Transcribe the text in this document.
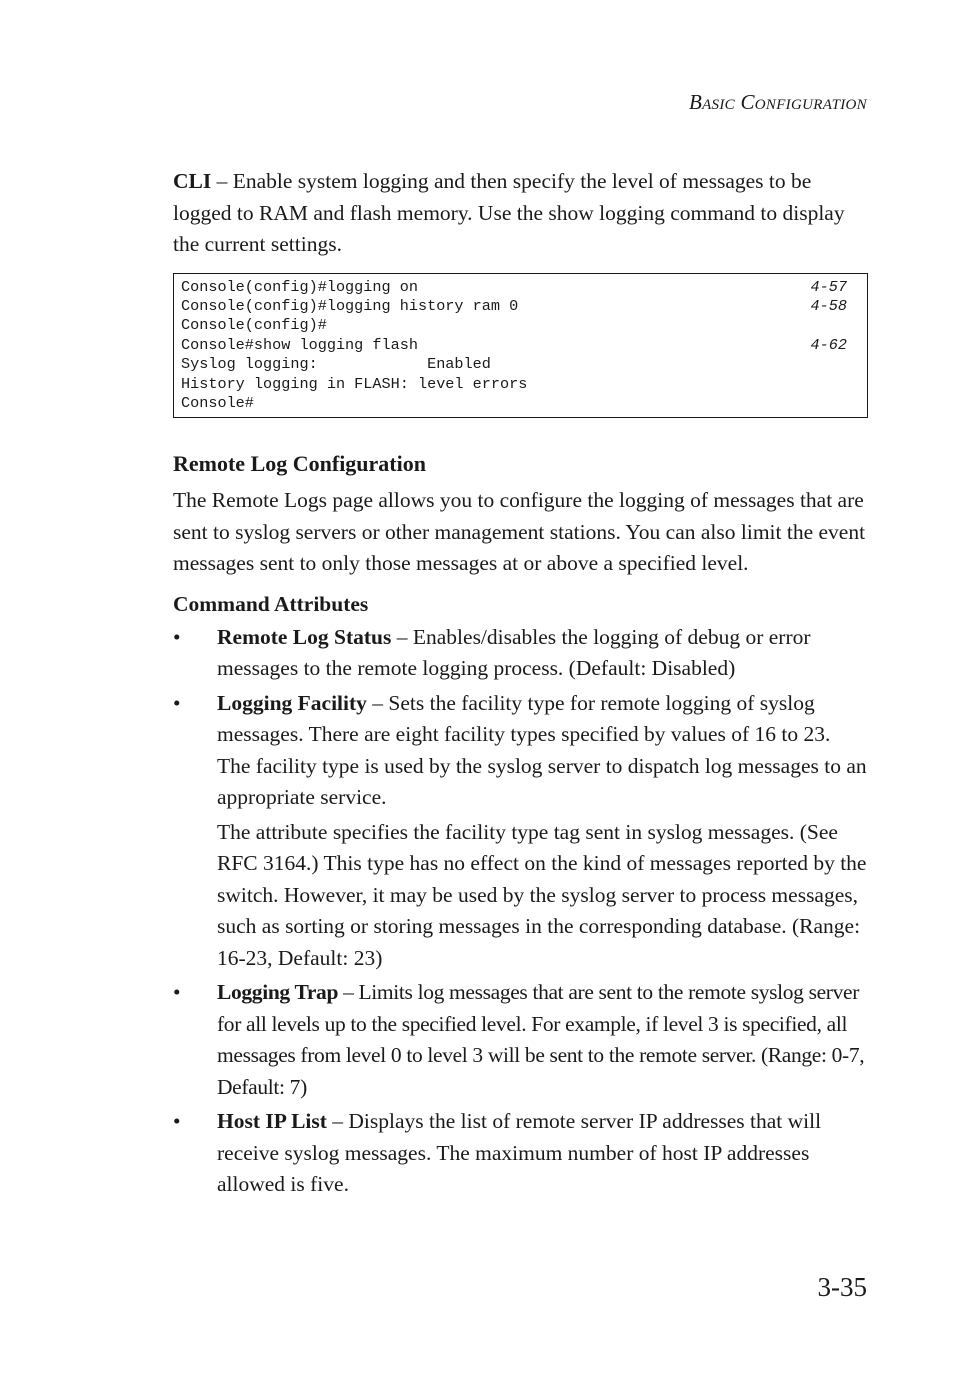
Basic Configuration

CLI – Enable system logging and then specify the level of messages to be logged to RAM and flash memory. Use the show logging command to display the current settings.

Console(config)#logging on	4-57
Console(config)#logging history ram 0	4-58
Console(config)#
Console#show logging flash	4-62
Syslog logging:            Enabled
History logging in FLASH: level errors
Console#
Remote Log Configuration

The Remote Logs page allows you to configure the logging of messages that are sent to syslog servers or other management stations. You can also limit the event messages sent to only those messages at or above a specified level.

Command Attributes
• Remote Log Status – Enables/disables the logging of debug or error messages to the remote logging process. (Default: Disabled)

• Logging Facility – Sets the facility type for remote logging of syslog messages. There are eight facility types specified by values of 16 to 23. The facility type is used by the syslog server to dispatch log messages to an appropriate service.

The attribute specifies the facility type tag sent in syslog messages. (See RFC 3164.) This type has no effect on the kind of messages reported by the switch. However, it may be used by the syslog server to process messages, such as sorting or storing messages in the corresponding database. (Range: 16-23, Default: 23)

• Logging Trap – Limits log messages that are sent to the remote syslog server for all levels up to the specified level. For example, if level 3 is specified, all messages from level 0 to level 3 will be sent to the remote server. (Range: 0-7, Default: 7)

• Host IP List – Displays the list of remote server IP addresses that will receive syslog messages. The maximum number of host IP addresses allowed is five.

3-35
